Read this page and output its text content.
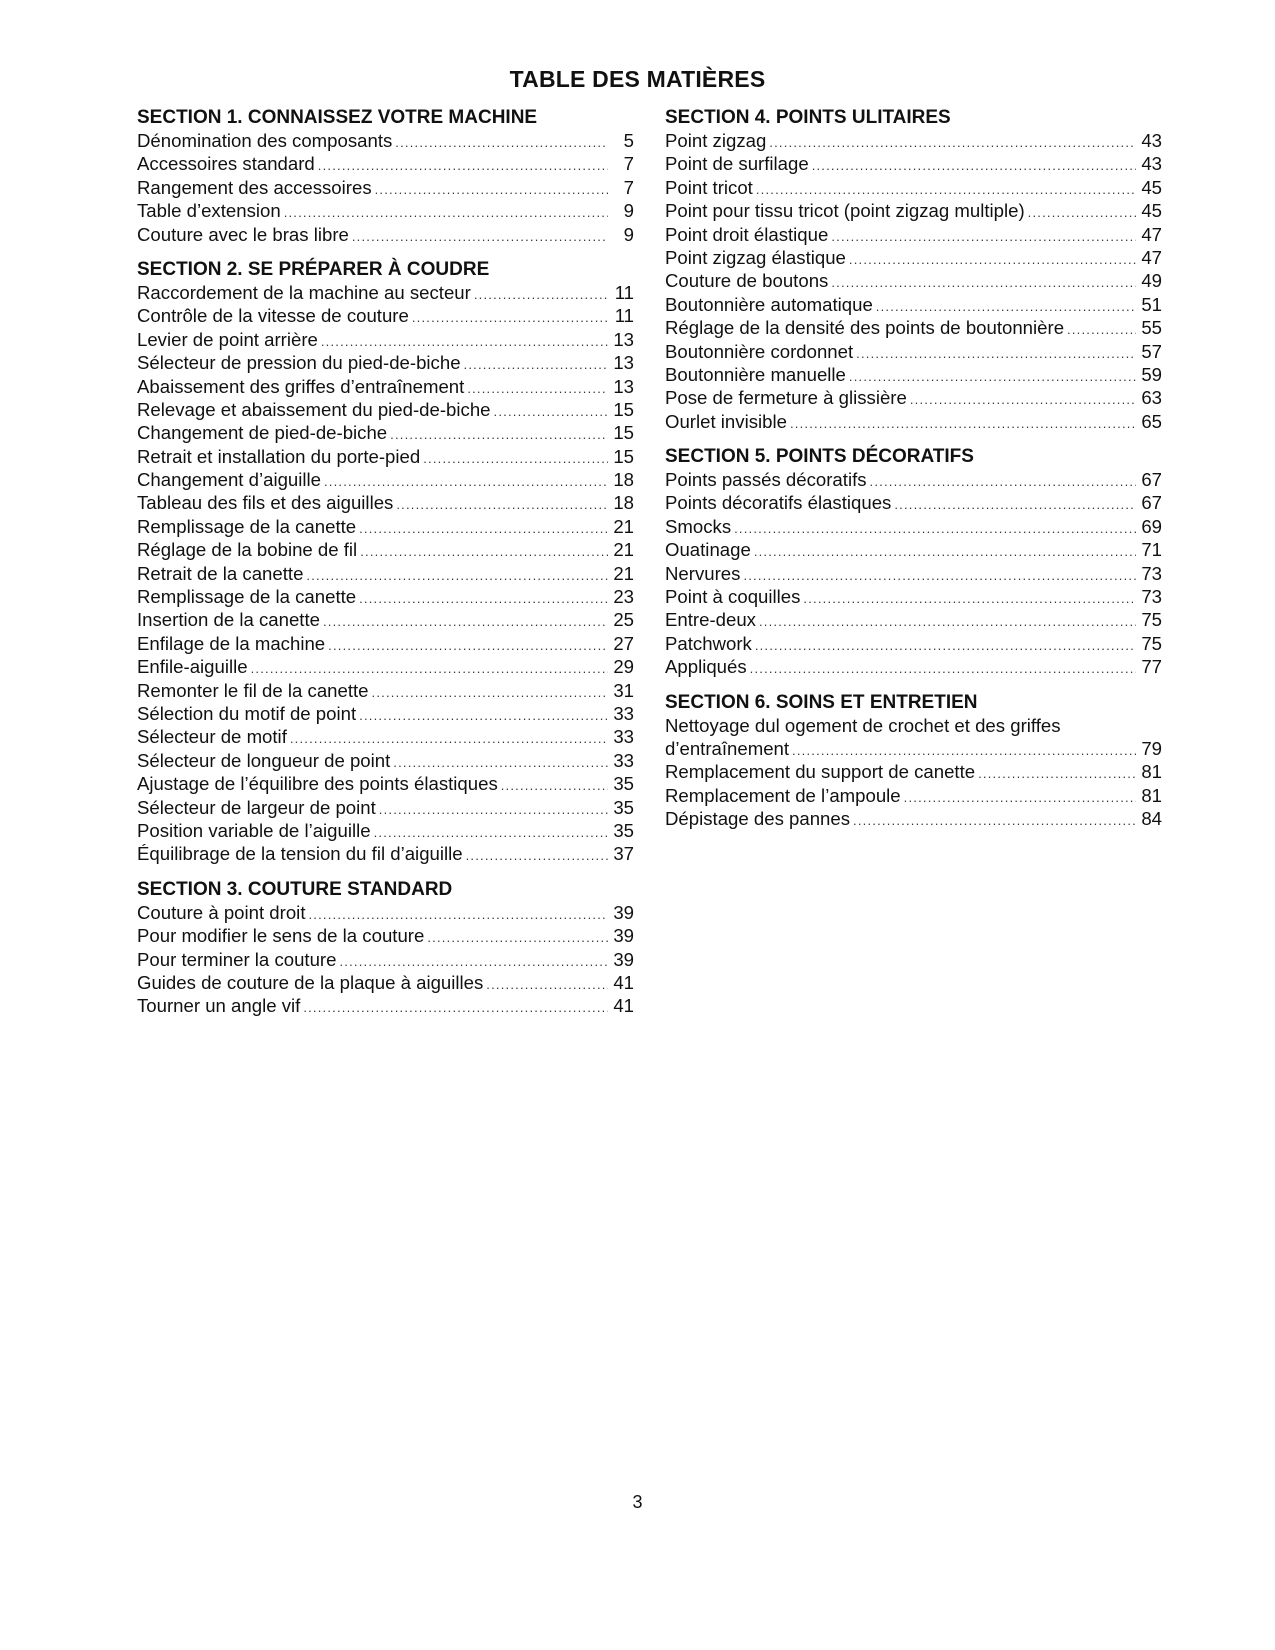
TABLE DES MATIÈRES
SECTION 1. CONNAISSEZ VOTRE MACHINE
Dénomination des composants .....	5
Accessoires standard .....	7
Rangement des accessoires .....	7
Table d’extension .....	9
Couture avec le bras libre .....	9
SECTION 2. SE PRÉPARER À COUDRE
Raccordement de la machine au secteur .....	11
Contrôle de la vitesse de couture .....	11
Levier de point arrière .....	13
Sélecteur de pression du pied-de-biche .....	13
Abaissement des griffes d’entraînement .....	13
Relevage et abaissement du pied-de-biche .....	15
Changement de pied-de-biche .....	15
Retrait et installation du porte-pied .....	15
Changement d’aiguille .....	18
Tableau des fils et des aiguilles .....	18
Remplissage de la canette .....	21
Réglage de la bobine de fil .....	21
Retrait de la canette .....	21
Remplissage de la canette .....	23
Insertion de la canette .....	25
Enfilage de la machine .....	27
Enfile-aiguille .....	29
Remonter le fil de la canette .....	31
Sélection du motif de point .....	33
Sélecteur de motif .....	33
Sélecteur de longueur de point .....	33
Ajustage de l’équilibre des points élastiques .....	35
Sélecteur de largeur de point .....	35
Position variable de l’aiguille .....	35
Équilibrage de la tension du fil d’aiguille .....	37
SECTION 3. COUTURE STANDARD
Couture à point droit .....	39
Pour modifier le sens de la couture .....	39
Pour terminer la couture .....	39
Guides de couture de la plaque à aiguilles .....	41
Tourner un angle vif .....	41
SECTION 4. POINTS ULITAIRES
Point zigzag .....	43
Point de surfilage .....	43
Point tricot .....	45
Point pour tissu tricot (point zigzag multiple) .....	45
Point droit élastique .....	47
Point zigzag élastique .....	47
Couture de boutons .....	49
Boutonnière automatique .....	51
Réglage de la densité des points de boutonnière .....	55
Boutonnière cordonnet .....	57
Boutonnière manuelle .....	59
Pose de fermeture à glissière .....	63
Ourlet invisible .....	65
SECTION 5. POINTS DÉCORATIFS
Points passés décoratifs .....	67
Points décoratifs élastiques .....	67
Smocks .....	69
Ouatinage .....	71
Nervures .....	73
Point à coquilles .....	73
Entre-deux .....	75
Patchwork .....	75
Appliqués .....	77
SECTION 6. SOINS ET ENTRETIEN
Nettoyage dul ogement de crochet et des griffes
d’entraînement .....	79
Remplacement du support de canette .....	81
Remplacement de l’ampoule .....	81
Dépistage des pannes .....	84
3
